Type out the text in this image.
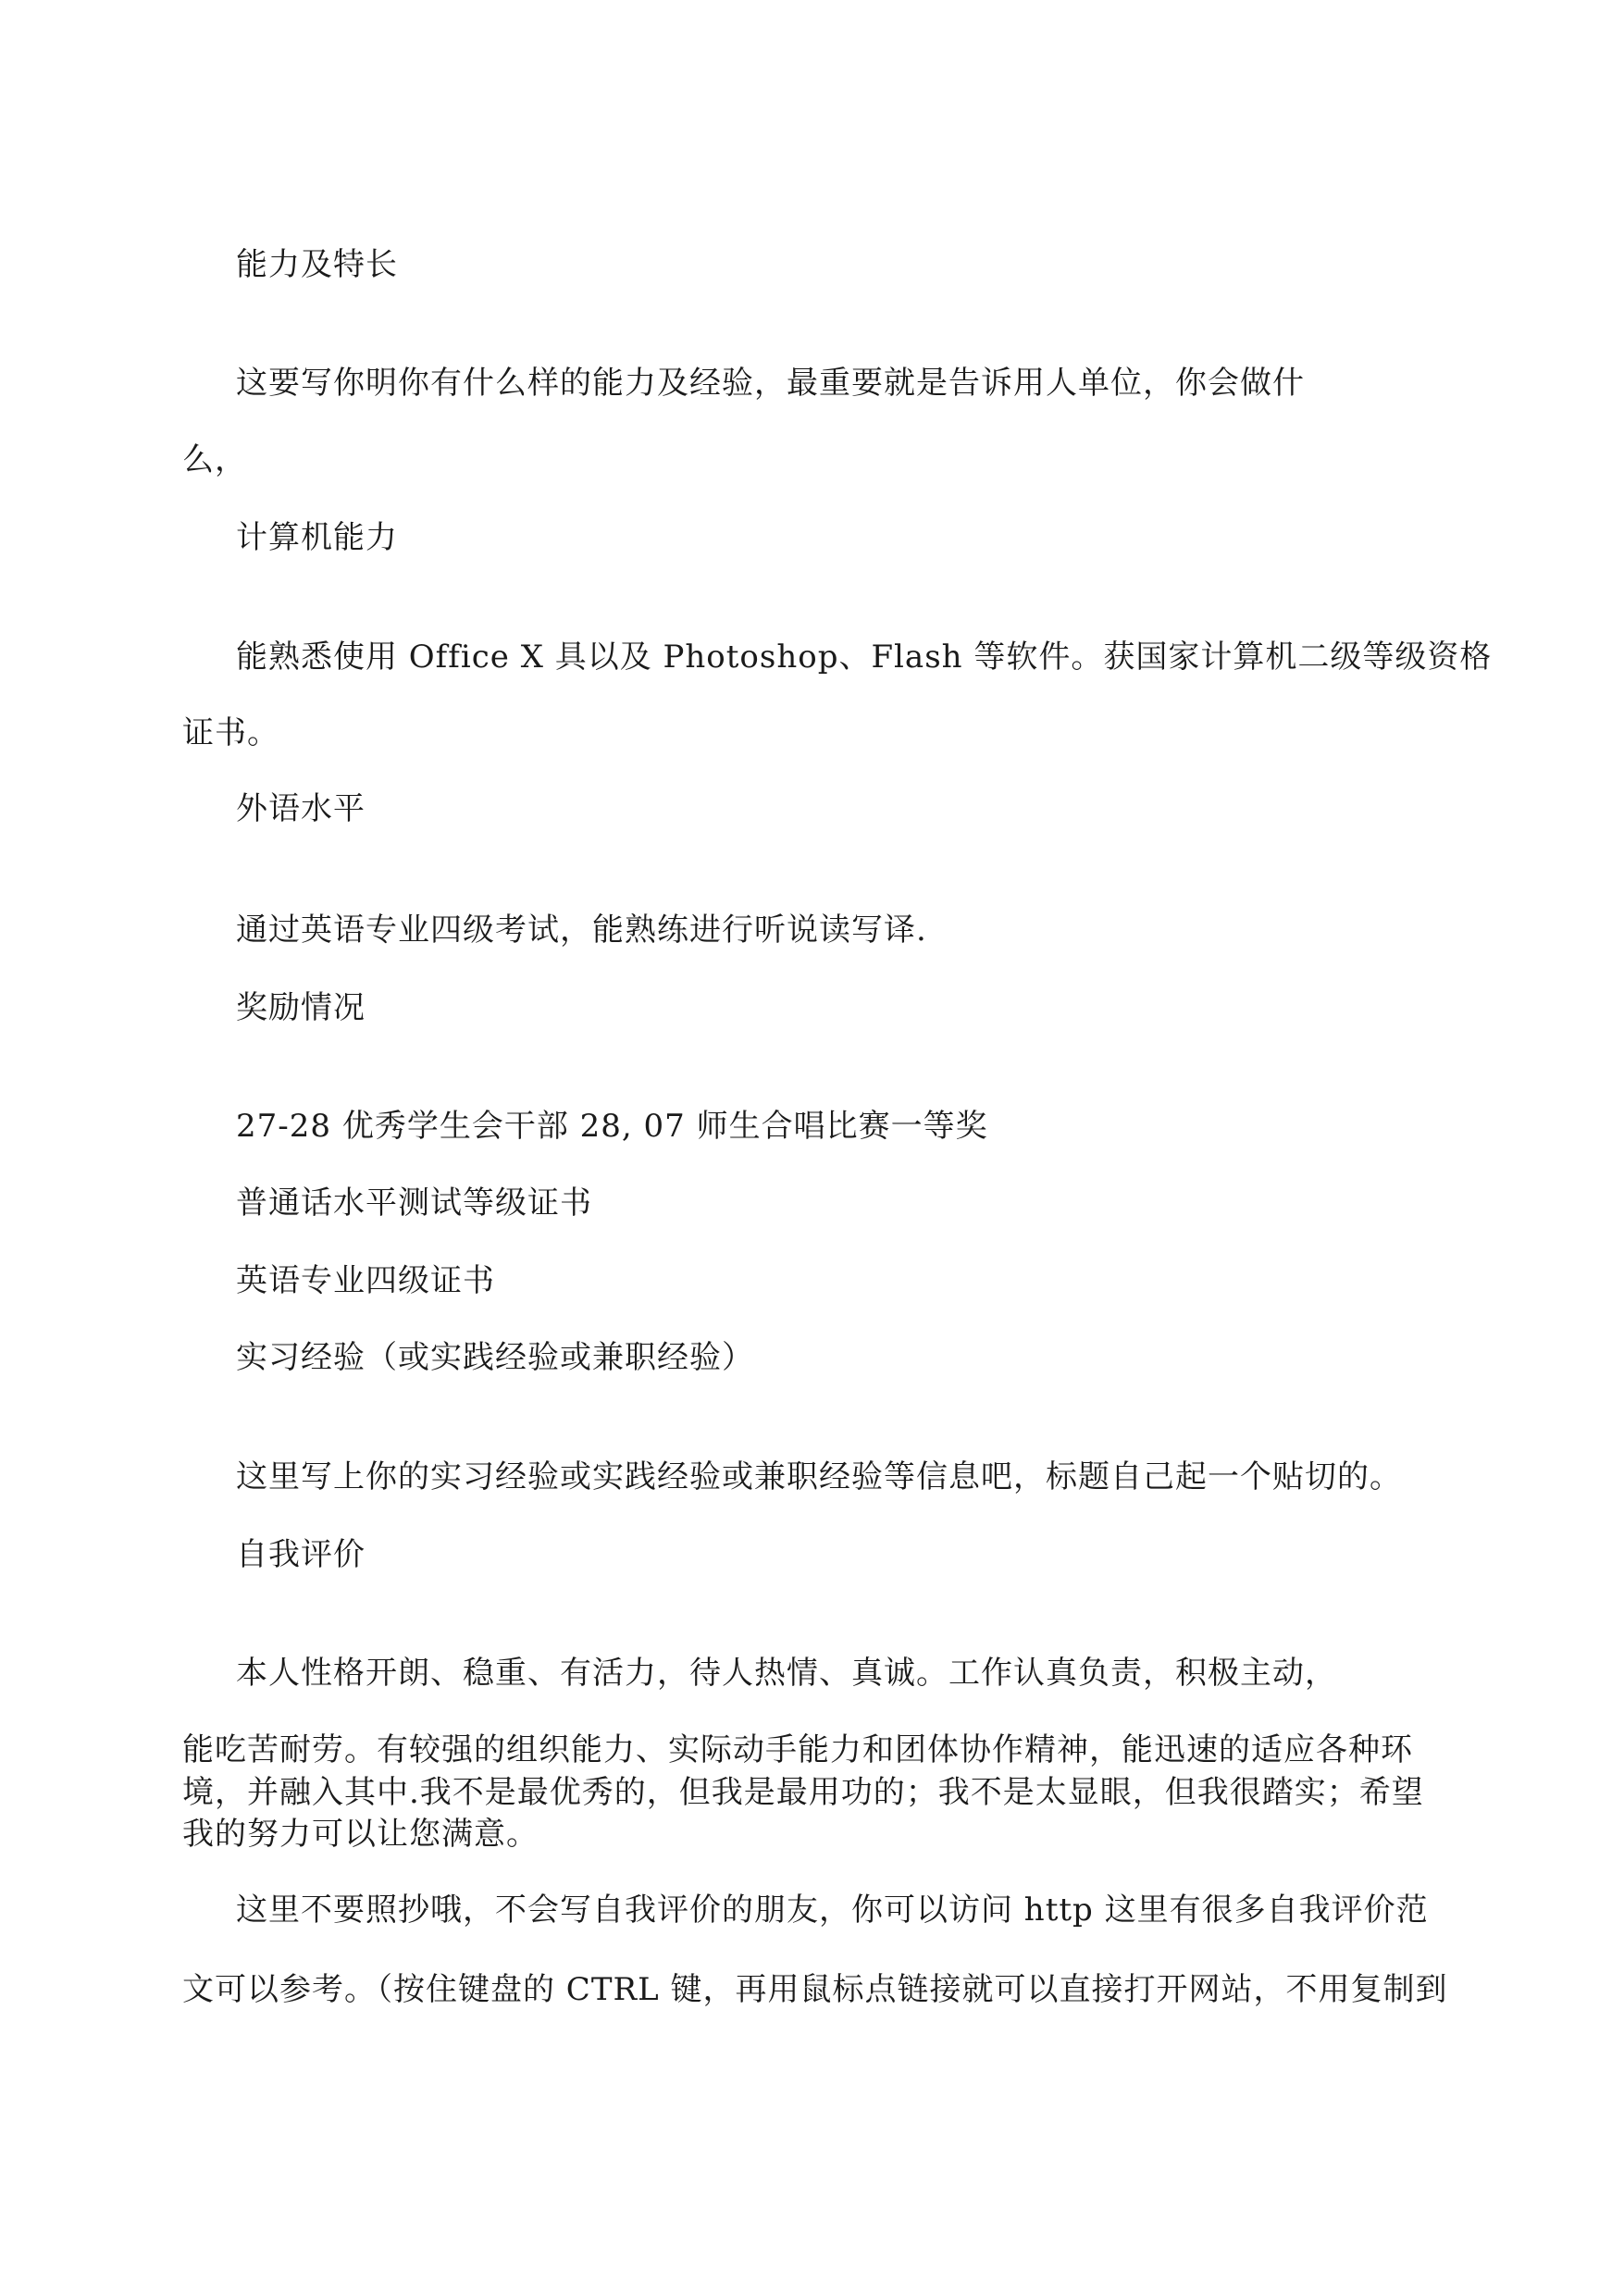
能力及特长
这要写你明你有什么样的能力及经验，最重要就是告诉用人单位，你会做什
么，
计算机能力
能熟悉使用 Office X 具以及 Photoshop、Flash 等软件。获国家计算机二级等级资格
证书。
外语水平
通过英语专业四级考试，能熟练进行听说读写译.
奖励情况
27-28 优秀学生会干部 28, 07 师生合唱比赛一等奖
普通话水平测试等级证书
英语专业四级证书
实习经验（或实践经验或兼职经验）
这里写上你的实习经验或实践经验或兼职经验等信息吧，标题自己起一个贴切的。
自我评价
本人性格开朗、稳重、有活力，待人热情、真诚。工作认真负责，积极主动，
能吃苦耐劳。有较强的组织能力、实际动手能力和团体协作精神，能迅速的适应各种环
境，并融入其中.我不是最优秀的，但我是最用功的；我不是太显眼，但我很踏实；希望
我的努力可以让您满意。
这里不要照抄哦，不会写自我评价的朋友，你可以访问 http 这里有很多自我评价范
文可以参考。（按住键盘的 CTRL 键，再用鼠标点链接就可以直接打开网站，不用复制到
